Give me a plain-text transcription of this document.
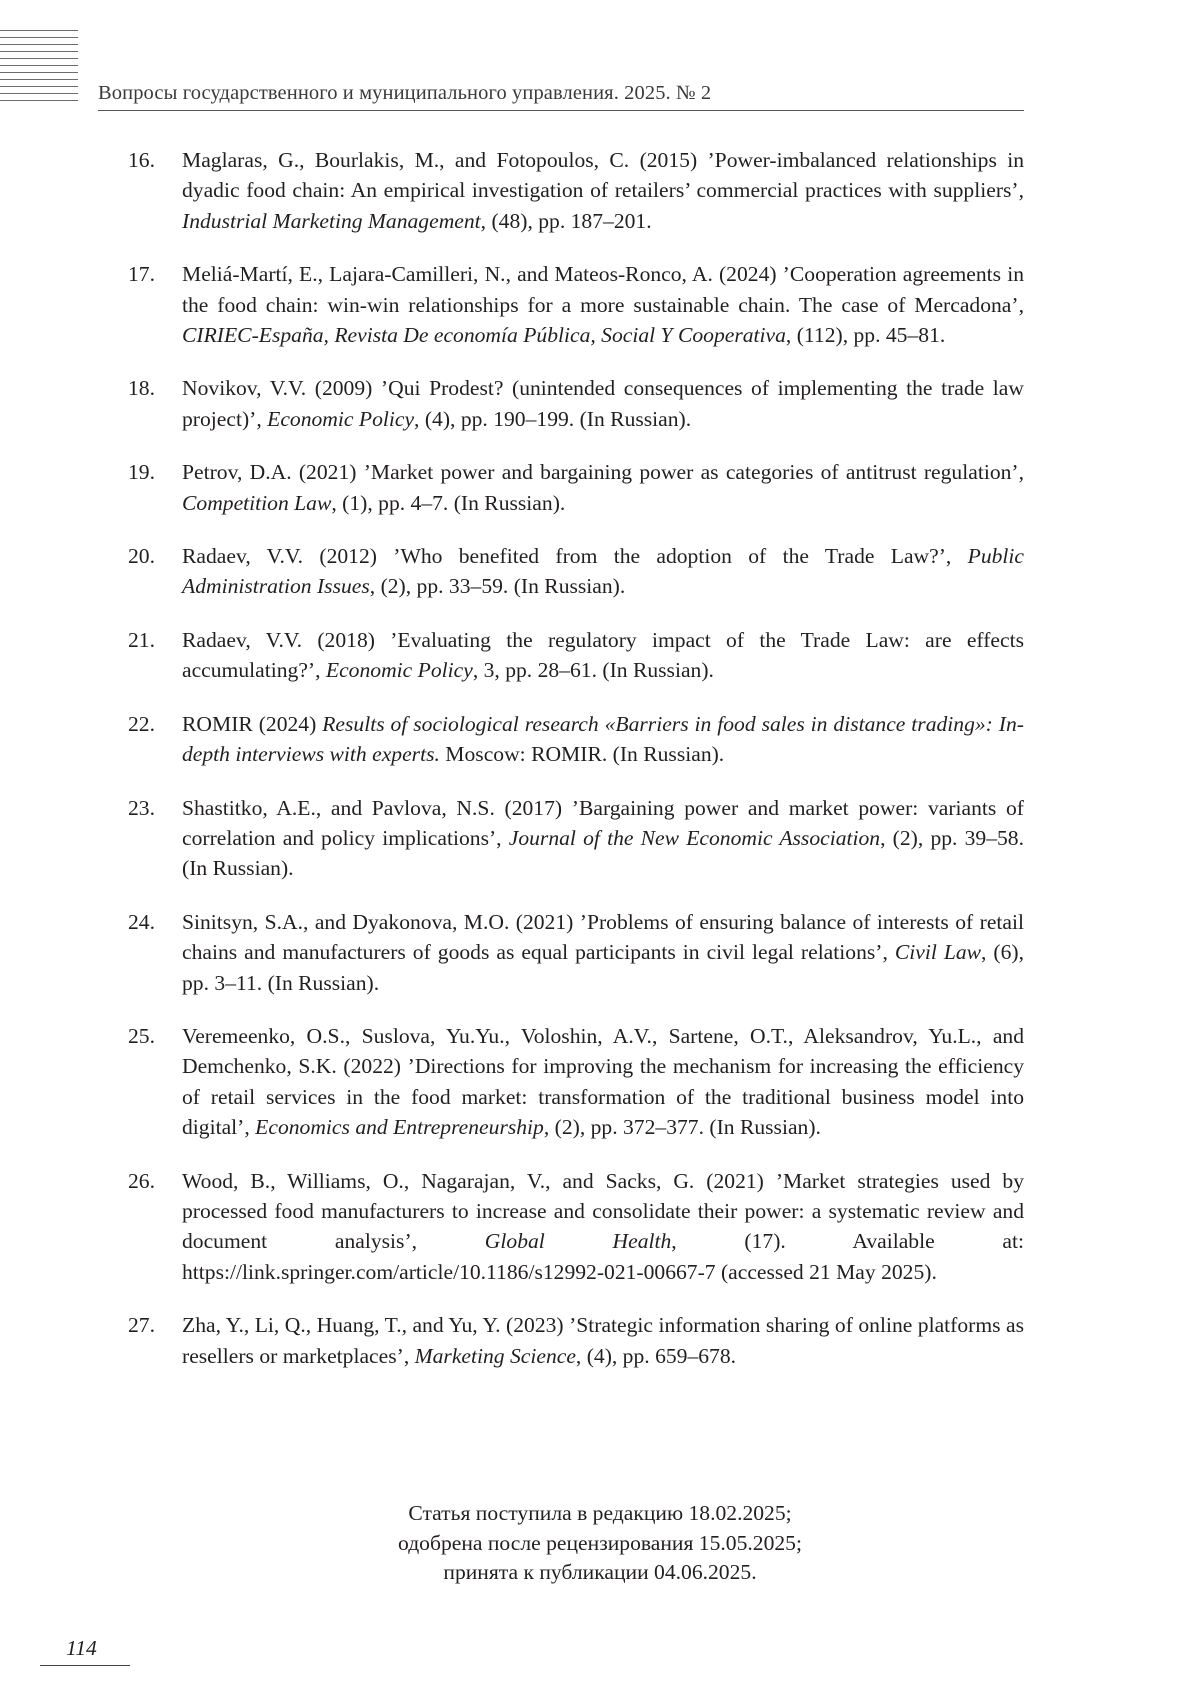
Вопросы государственного и муниципального управления. 2025. № 2
16.	Maglaras, G., Bourlakis, M., and Fotopoulos, C. (2015) ’Power-imbalanced relationships in dyadic food chain: An empirical investigation of retailers’ commercial practices with suppliers’, Industrial Marketing Management, (48), pp. 187–201.
17.	Meliá-Martí, E., Lajara-Camilleri, N., and Mateos-Ronco, A. (2024) ’Cooperation agreements in the food chain: win-win relationships for a more sustainable chain. The case of Mercadona’, CIRIEC-España, Revista De economía Pública, Social Y Cooperativa, (112), pp. 45–81.
18.	Novikov, V.V. (2009) ’Qui Prodest? (unintended consequences of implementing the trade law project)’, Economic Policy, (4), pp. 190–199. (In Russian).
19.	Petrov, D.A. (2021) ’Market power and bargaining power as categories of antitrust regulation’, Competition Law, (1), pp. 4–7. (In Russian).
20.	Radaev, V.V. (2012) ’Who benefited from the adoption of the Trade Law?’, Public Administration Issues, (2), pp. 33–59. (In Russian).
21.	Radaev, V.V. (2018) ’Evaluating the regulatory impact of the Trade Law: are effects accumulating?’, Economic Policy, 3, pp. 28–61. (In Russian).
22.	ROMIR (2024) Results of sociological research «Barriers in food sales in distance trading»: In-depth interviews with experts. Moscow: ROMIR. (In Russian).
23.	Shastitko, A.E., and Pavlova, N.S. (2017) ’Bargaining power and market power: variants of correlation and policy implications’, Journal of the New Economic Association, (2), pp. 39–58. (In Russian).
24.	Sinitsyn, S.A., and Dyakonova, M.O. (2021) ’Problems of ensuring balance of interests of retail chains and manufacturers of goods as equal participants in civil legal relations’, Civil Law, (6), pp. 3–11. (In Russian).
25.	Veremeenko, O.S., Suslova, Yu.Yu., Voloshin, A.V., Sartene, O.T., Aleksandrov, Yu.L., and Demchenko, S.K. (2022) ’Directions for improving the mechanism for increasing the efficiency of retail services in the food market: transformation of the traditional business model into digital’, Economics and Entrepreneurship, (2), pp. 372–377. (In Russian).
26.	Wood, B., Williams, O., Nagarajan, V., and Sacks, G. (2021) ’Market strategies used by processed food manufacturers to increase and consolidate their power: a systematic review and document analysis’, Global Health, (17). Available at: https://link.springer.com/article/10.1186/s12992-021-00667-7 (accessed 21 May 2025).
27.	Zha, Y., Li, Q., Huang, T., and Yu, Y. (2023) ’Strategic information sharing of online platforms as resellers or marketplaces’, Marketing Science, (4), pp. 659–678.
Статья поступила в редакцию 18.02.2025;
одобрена после рецензирования 15.05.2025;
принята к публикации 04.06.2025.
114
